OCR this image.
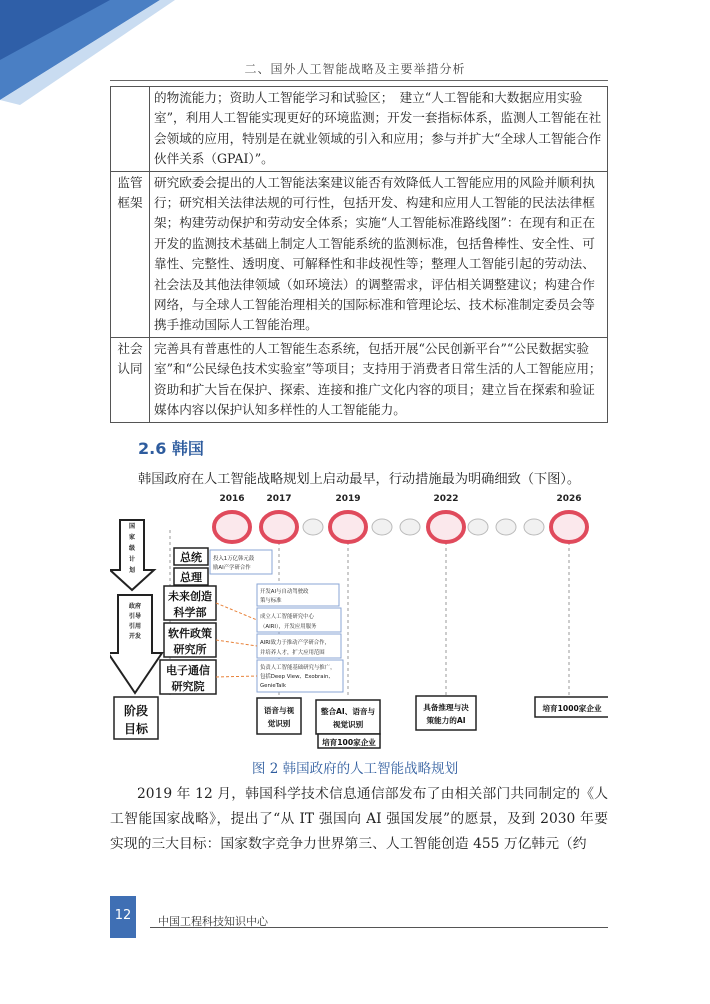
二、国外人工智能战略及主要举措分析
	的物流能力；资助人工智能学习和试验区；　建立“人工智能和大数据应用实验室”，利用人工智能实现更好的环境监测；开发一套指标体系，监测人工智能在社会领域的应用，特别是在就业领域的引入和应用；参与并扩大“全球人工智能合作伙伴关系（GPAI）”。
监管框架	研究欧委会提出的人工智能法案建议能否有效降低人工智能应用的风险并顺利执行；研究相关法律法规的可行性，包括开发、构建和应用人工智能的民法法律框架；构建劳动保护和劳动安全体系；实施“人工智能标准路线图”：在现有和正在开发的监测技术基础上制定人工智能系统的监测标准，包括鲁棒性、安全性、可靠性、完整性、透明度、可解释性和非歧视性等；整理人工智能引起的劳动法、社会法及其他法律领域（如环境法）的调整需求，评估相关调整建议；构建合作网络，与全球人工智能治理相关的国际标准和管理论坛、技术标准制定委员会等携手推动国际人工智能治理。
社会认同	完善具有普惠性的人工智能生态系统，包括开展“公民创新平台”“公民数据实验室”和“公民绿色技术实验室”等项目；支持用于消费者日常生活的人工智能应用；资助和扩大旨在保护、探索、连接和推广文化内容的项目；建立旨在探索和验证媒体内容以保护认知多样性的人工智能能力。
2.6 韩国
韩国政府在人工智能战略规划上启动最早，行动措施最为明确细致（下图）。
2016 2017	2019	2022	2026
国
家
级
计
划
政府
引导
引用
开发
总统
总理
未来创造
科学部
软件政策
研究所
电子通信
研究院
投入1万亿韩元鼓
励AI产学研合作
开发AI与自动驾驶政
策与标准
成立人工智能研究中心
（AIRI），开发应用服务
AIRI致力于推动产学研合作，
并培养人才，扩大应用范围
负责人工智能基础研究与推广，
包括Deep View、Exobrain、
GenieTalk
阶段
目标
语音与视
觉识别
整合AI、语音与
视觉识别
培育100家企业
具备推理与决
策能力的AI
培育1000家企业
图 2 韩国政府的人工智能战略规划
2019 年 12 月，韩国科学技术信息通信部发布了由相关部门共同制定的《人工智能国家战略》，提出了“从 IT 强国向 AI 强国发展”的愿景，及到 2030 年要实现的三大目标：国家数字竞争力世界第三、人工智能创造 455 万亿韩元（约
12	中国工程科技知识中心
